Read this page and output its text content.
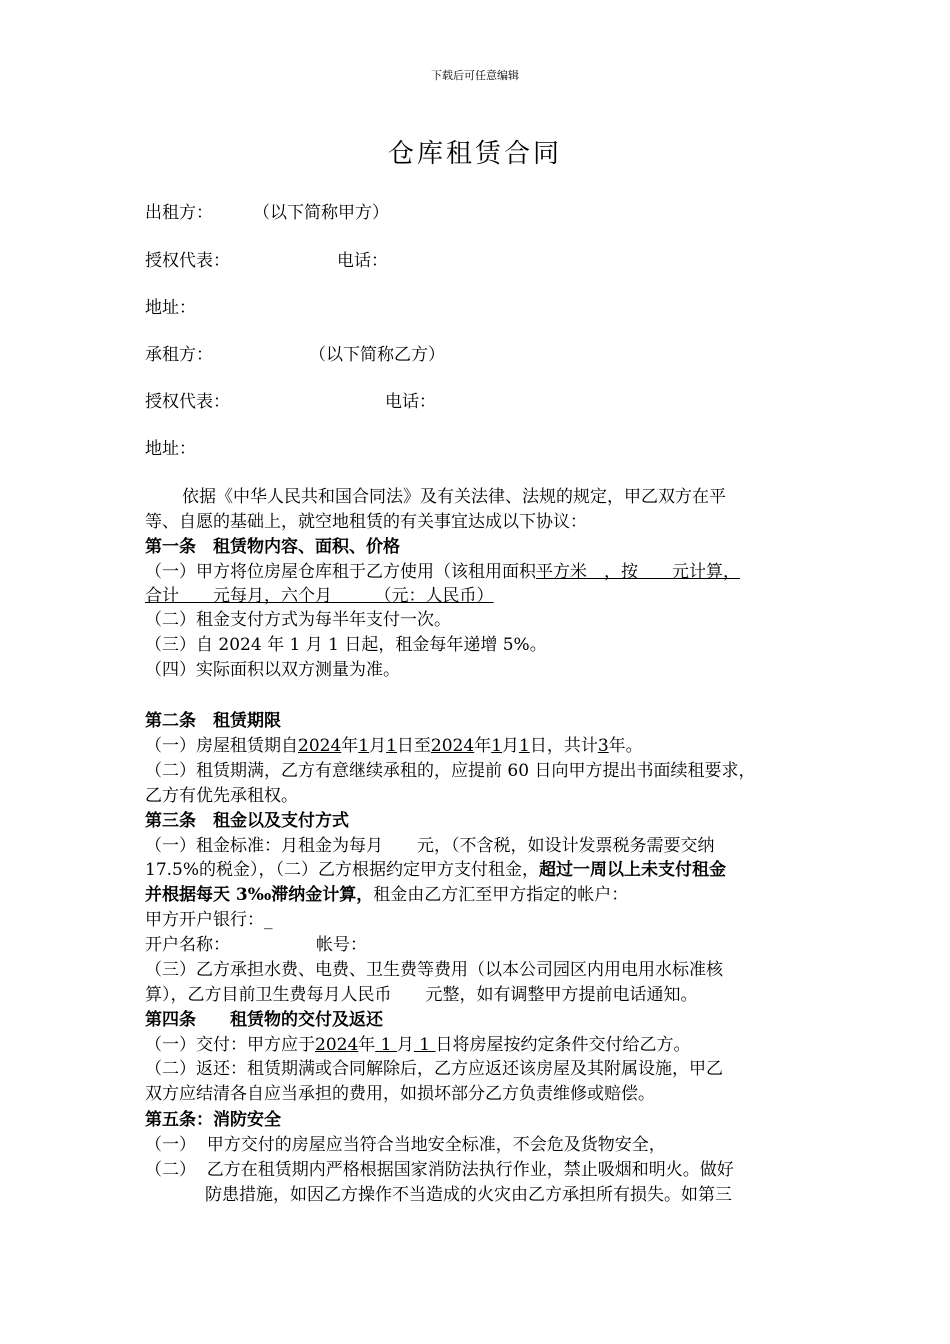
下载后可任意编辑
仓库租赁合同
出租方： （以下简称甲方）
授权代表：	电话：
地址：
承租方：	（以下简称乙方）
授权代表：	电话：
地址：
依据《中华人民共和国合同法》及有关法律、法规的规定，甲乙双方在平
等、自愿的基础上，就空地租赁的有关事宜达成以下协议：
第一条　租赁物内容、面积、价格
（一）甲方将位房屋仓库租于乙方使用（该租用面积平方米　，按　　元计算，
合计　　元每月，六个月　　　（元：人民币）
（二）租金支付方式为每半年支付一次。
（三）自 2024 年 1 月 1 日起，租金每年递增 5%。
（四）实际面积以双方测量为准。
第二条　租赁期限
（一）房屋租赁期自2024年1月1日至2024年1月1日，共计3年。
（二）租赁期满，乙方有意继续承租的，应提前 60 日向甲方提出书面续租要求，
乙方有优先承租权。
第三条　租金以及支付方式
（一）租金标准：月租金为每月　　元，（不含税，如设计发票税务需要交纳
17.5%的税金），（二）乙方根据约定甲方支付租金，超过一周以上未支付租金
并根据每天 3‰滞纳金计算，租金由乙方汇至甲方指定的帐户：
甲方开户银行：_
开户名称：	帐号：
（三）乙方承担水费、电费、卫生费等费用（以本公司园区内用电用水标准核
算），乙方目前卫生费每月人民币　　元整，如有调整甲方提前电话通知。
第四条　　租赁物的交付及返还
（一）交付：甲方应于2024年 1 月 1 日将房屋按约定条件交付给乙方。
（二）返还：租赁期满或合同解除后，乙方应返还该房屋及其附属设施，甲乙
双方应结清各自应当承担的费用，如损坏部分乙方负责维修或赔偿。
第五条：消防安全
（一）  甲方交付的房屋应当符合当地安全标准，不会危及货物安全，
（二）  乙方在租赁期内严格根据国家消防法执行作业，禁止吸烟和明火。做好
防患措施，如因乙方操作不当造成的火灾由乙方承担所有损失。如第三
